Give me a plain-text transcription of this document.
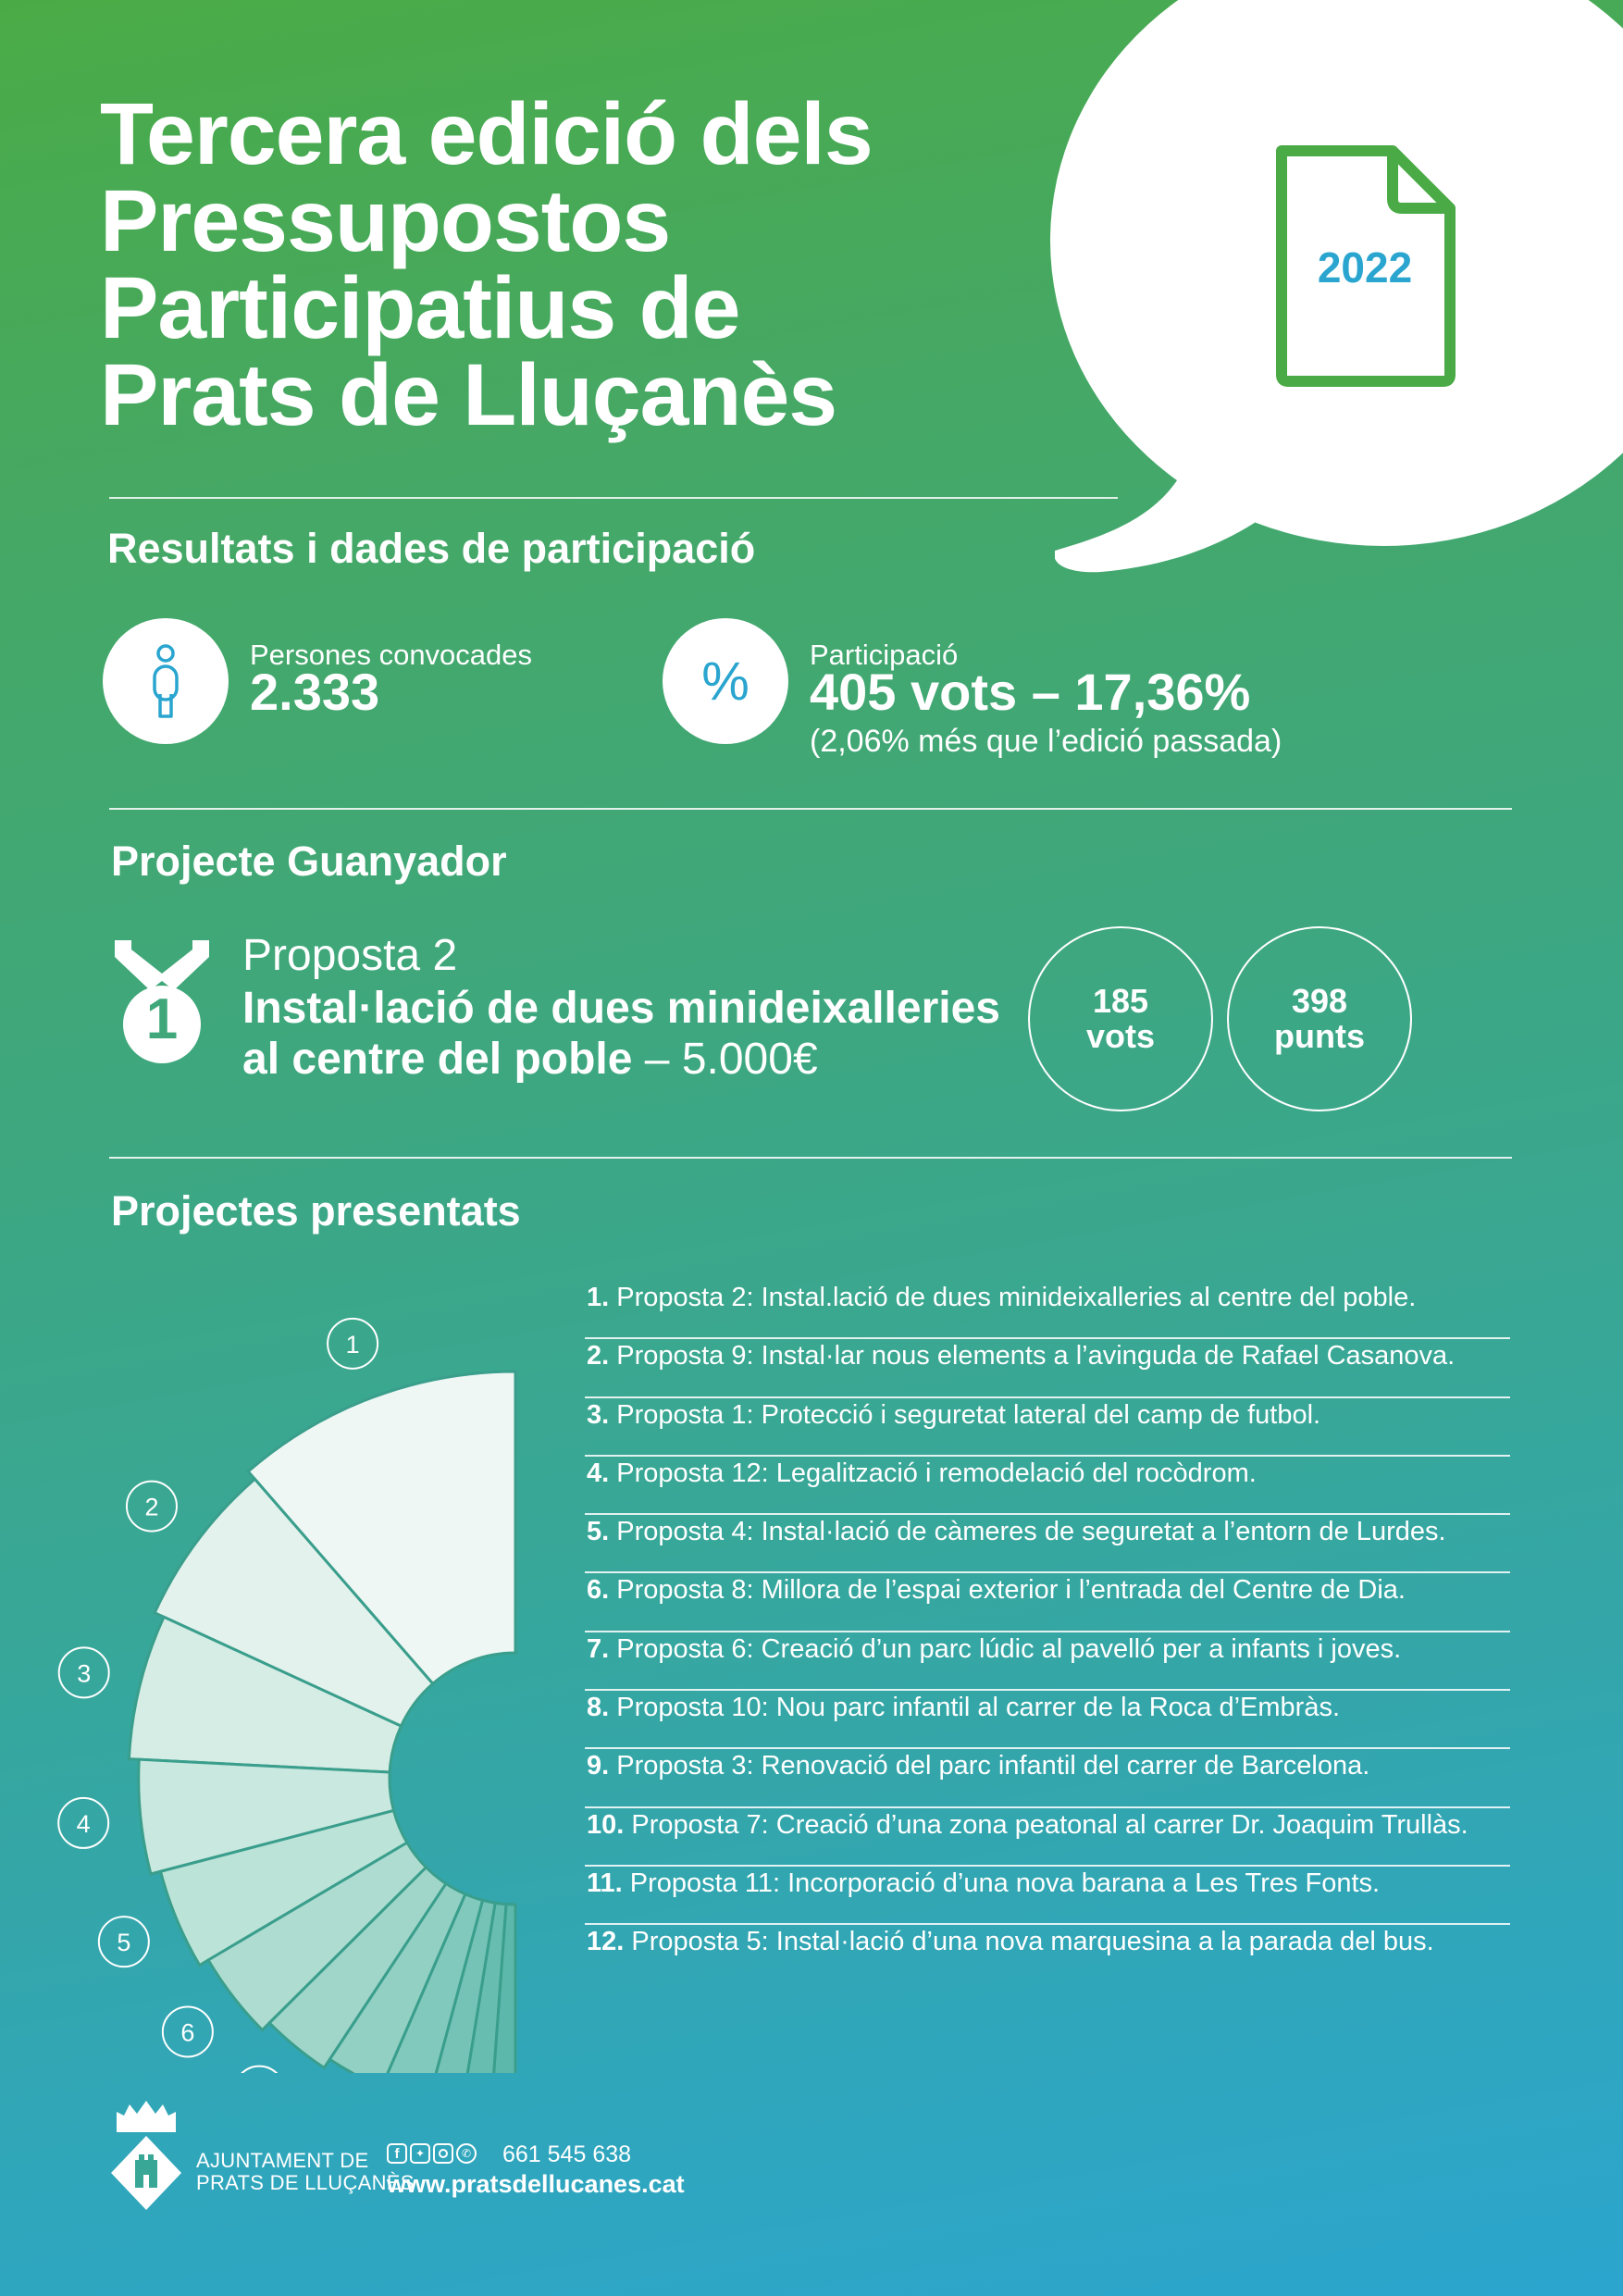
2022
Tercera edició dels
Pressupostos
Participatius de
Prats de Lluçanès
Resultats i dades de participació
Persones convocades
2.333	% Participació
405 vots – 17,36%
(2,06% més que l’edició passada)
Projecte Guanyador
1
Proposta 2
Instal·lació de dues minideixalleries
al centre del poble – 5.000€
185
vots
398
punts
Projectes presentats
1
2
3
4
5
6
1. Proposta 2: Instal.lació de dues minideixalleries al centre del poble.
2. Proposta 9: Instal·lar nous elements a l’avinguda de Rafael Casanova.
3. Proposta 1: Protecció i seguretat lateral del camp de futbol.
4. Proposta 12: Legalització i remodelació del rocòdrom.
5. Proposta 4: Instal·lació de càmeres de seguretat a l’entorn de Lurdes.
6. Proposta 8: Millora de l’espai exterior i l’entrada del Centre de Dia.
7. Proposta 6: Creació d’un parc lúdic al pavelló per a infants i joves.
8. Proposta 10: Nou parc infantil al carrer de la Roca d’Embràs.
9. Proposta 3: Renovació del parc infantil del carrer de Barcelona.
10. Proposta 7: Creació d’una zona peatonal al carrer Dr. Joaquim Trullàs.
11. Proposta 11: Incorporació d’una nova barana a Les Tres Fonts.
12. Proposta 5: Instal·lació d’una nova marquesina a la parada del bus.
AJUNTAMENT DE
PRATS DE LLUÇANÈS
f	✦	✆ 661 545 638
www.pratsdellucanes.cat
